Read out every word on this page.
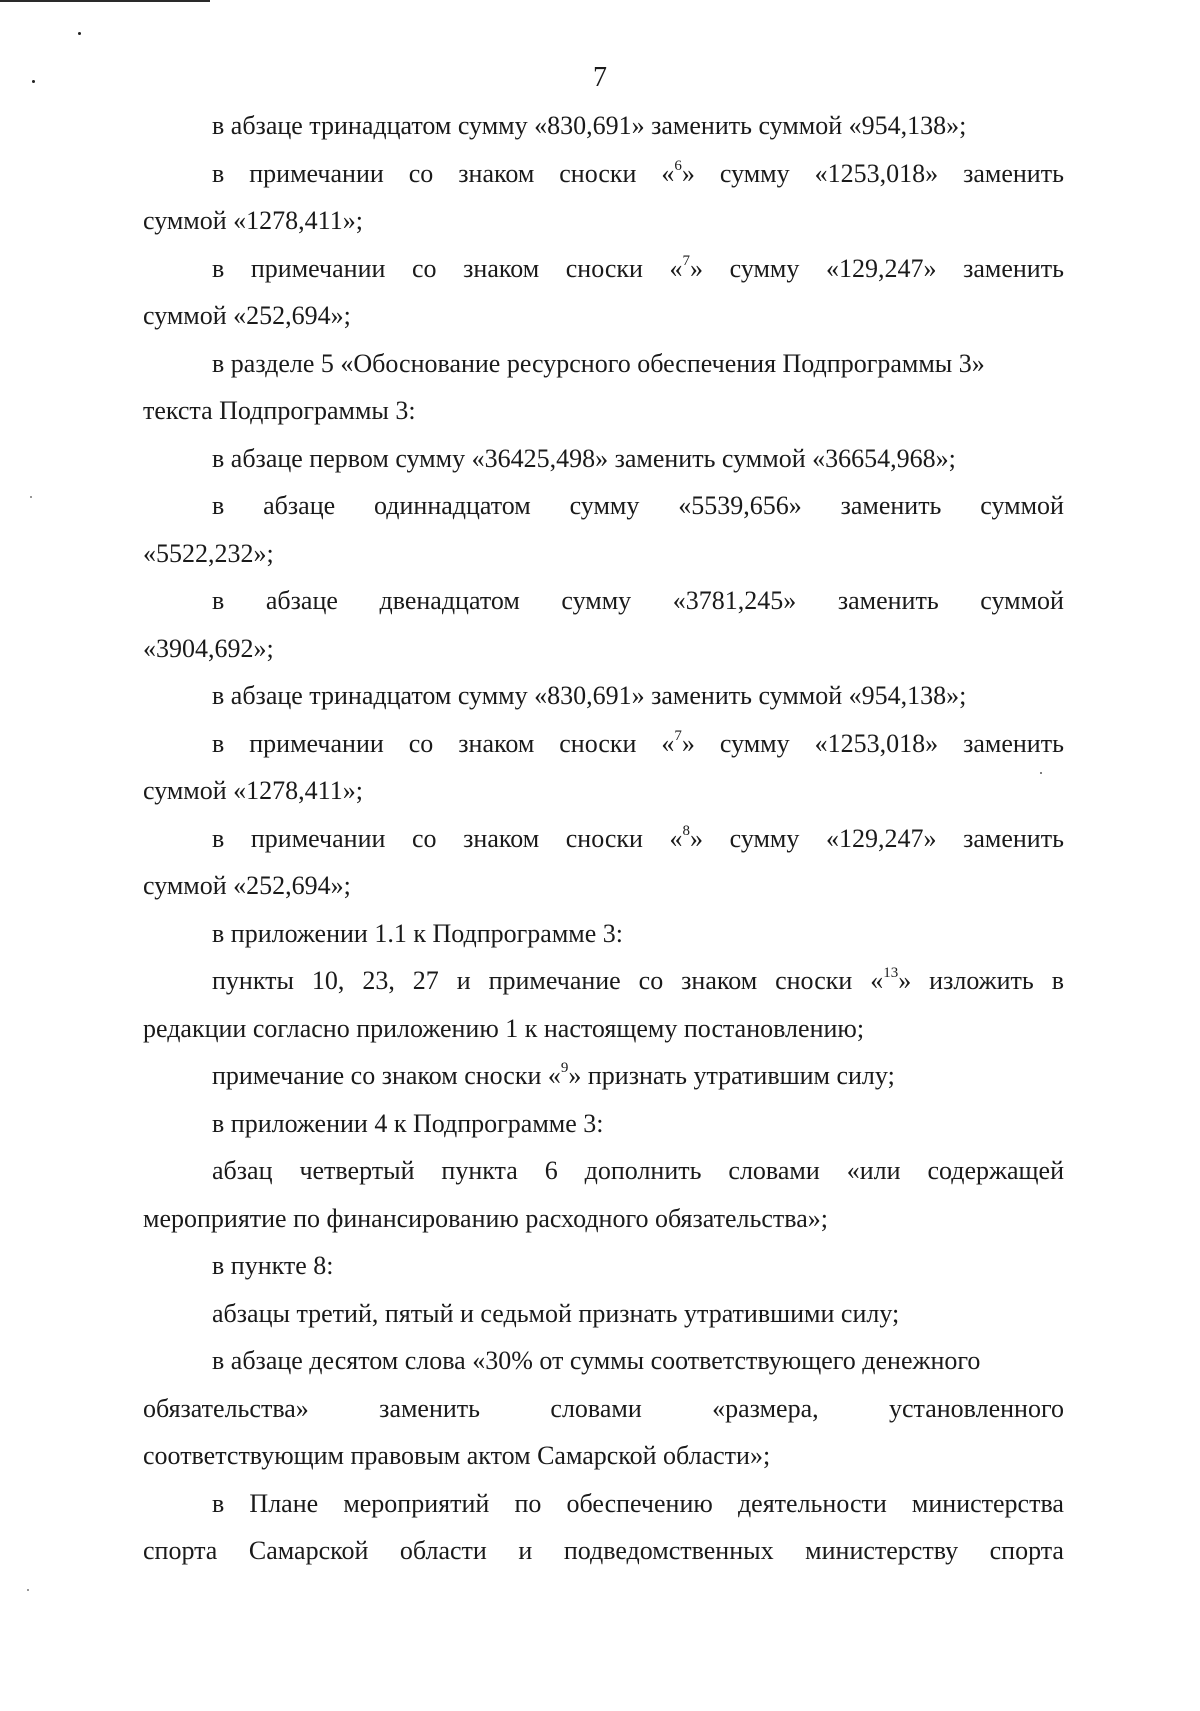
7
в абзаце тринадцатом сумму «830,691» заменить суммой «954,138»;
в примечании со знаком сноски «$^6$» сумму «1253,018» заменить
суммой «1278,411»;
в примечании со знаком сноски «$^7$» сумму «129,247» заменить
суммой «252,694»;
в разделе 5 «Обоснование ресурсного обеспечения Подпрограммы 3»
текста Подпрограммы 3:
в абзаце первом сумму «36425,498» заменить суммой «36654,968»;
в абзаце одиннадцатом сумму «5539,656» заменить суммой
«5522,232»;
в абзаце двенадцатом сумму «3781,245» заменить суммой
«3904,692»;
в абзаце тринадцатом сумму «830,691» заменить суммой «954,138»;
в примечании со знаком сноски «$^7$» сумму «1253,018» заменить
суммой «1278,411»;
в примечании со знаком сноски «$^8$» сумму «129,247» заменить
суммой «252,694»;
в приложении 1.1 к Подпрограмме 3:
пункты 10, 23, 27 и примечание со знаком сноски «$^{13}$» изложить в
редакции согласно приложению 1 к настоящему постановлению;
примечание со знаком сноски «$^9$» признать утратившим силу;
в приложении 4 к Подпрограмме 3:
абзац четвертый пункта 6 дополнить словами «или содержащей
мероприятие по финансированию расходного обязательства»;
в пункте 8:
абзацы третий, пятый и седьмой признать утратившими силу;
в абзаце десятом слова «30% от суммы соответствующего денежного
обязательства»	заменить	словами	«размера,	установленного
соответствующим правовым актом Самарской области»;
в Плане мероприятий по обеспечению деятельности министерства
спорта Самарской области и подведомственных министерству спорта
